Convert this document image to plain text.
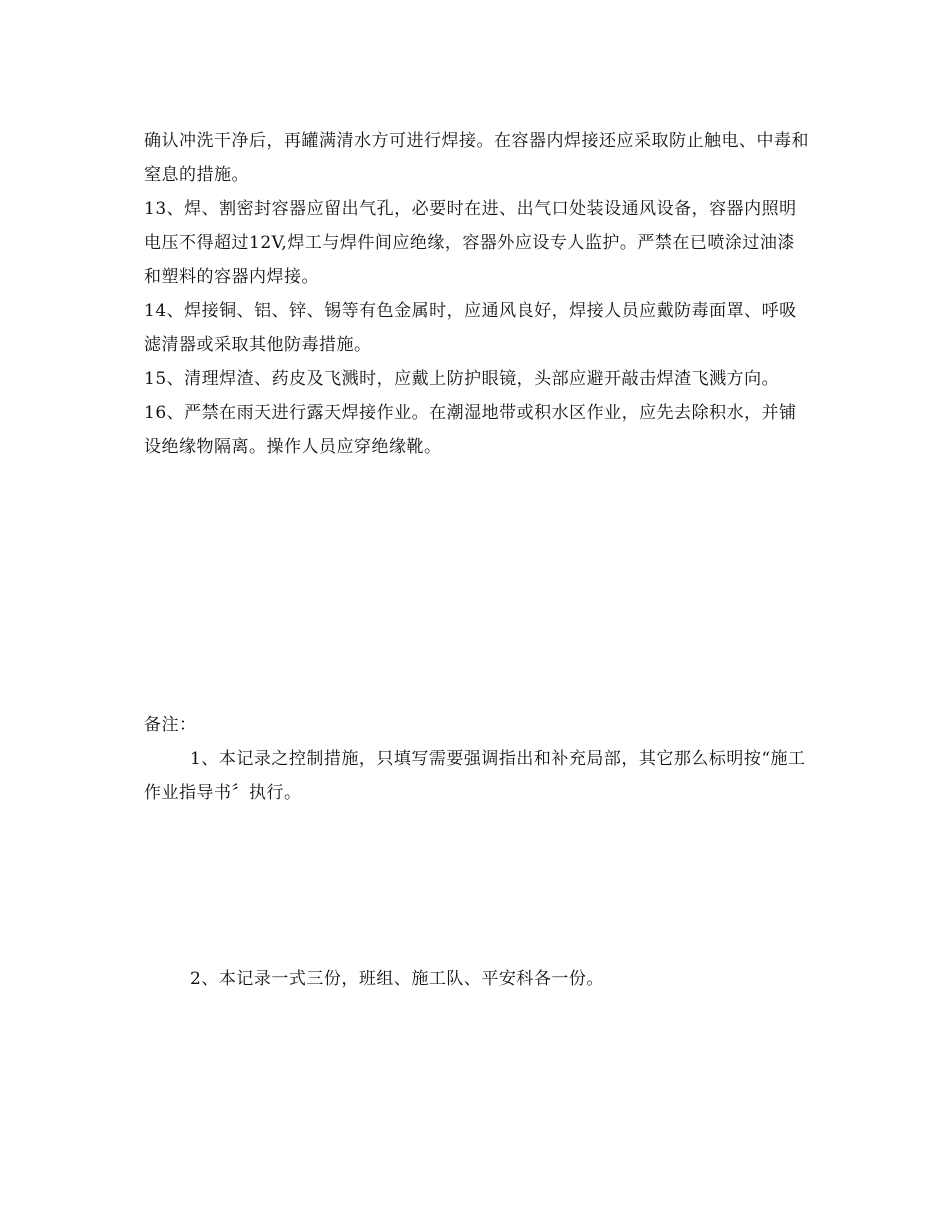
确认冲洗干净后，再罐满清水方可进行焊接。在容器内焊接还应采取防止触电、中毒和窒息的措施。

13、焊、割密封容器应留出气孔，必要时在进、出气口处装设通风设备，容器内照明电压不得超过12V,焊工与焊件间应绝缘，容器外应设专人监护。严禁在已喷涂过油漆和塑料的容器内焊接。

14、焊接铜、铝、锌、锡等有色金属时，应通风良好，焊接人员应戴防毒面罩、呼吸滤清器或采取其他防毒措施。

15、清理焊渣、药皮及飞溅时，应戴上防护眼镜，头部应避开敲击焊渣飞溅方向。

16、严禁在雨天进行露天焊接作业。在潮湿地带或积水区作业，应先去除积水，并铺设绝缘物隔离。操作人员应穿绝缘靴。

备注：

1、本记录之控制措施，只填写需要强调指出和补充局部，其它那么标明按“施工作业指导书〞执行。

2、本记录一式三份，班组、施工队、平安科各一份。
